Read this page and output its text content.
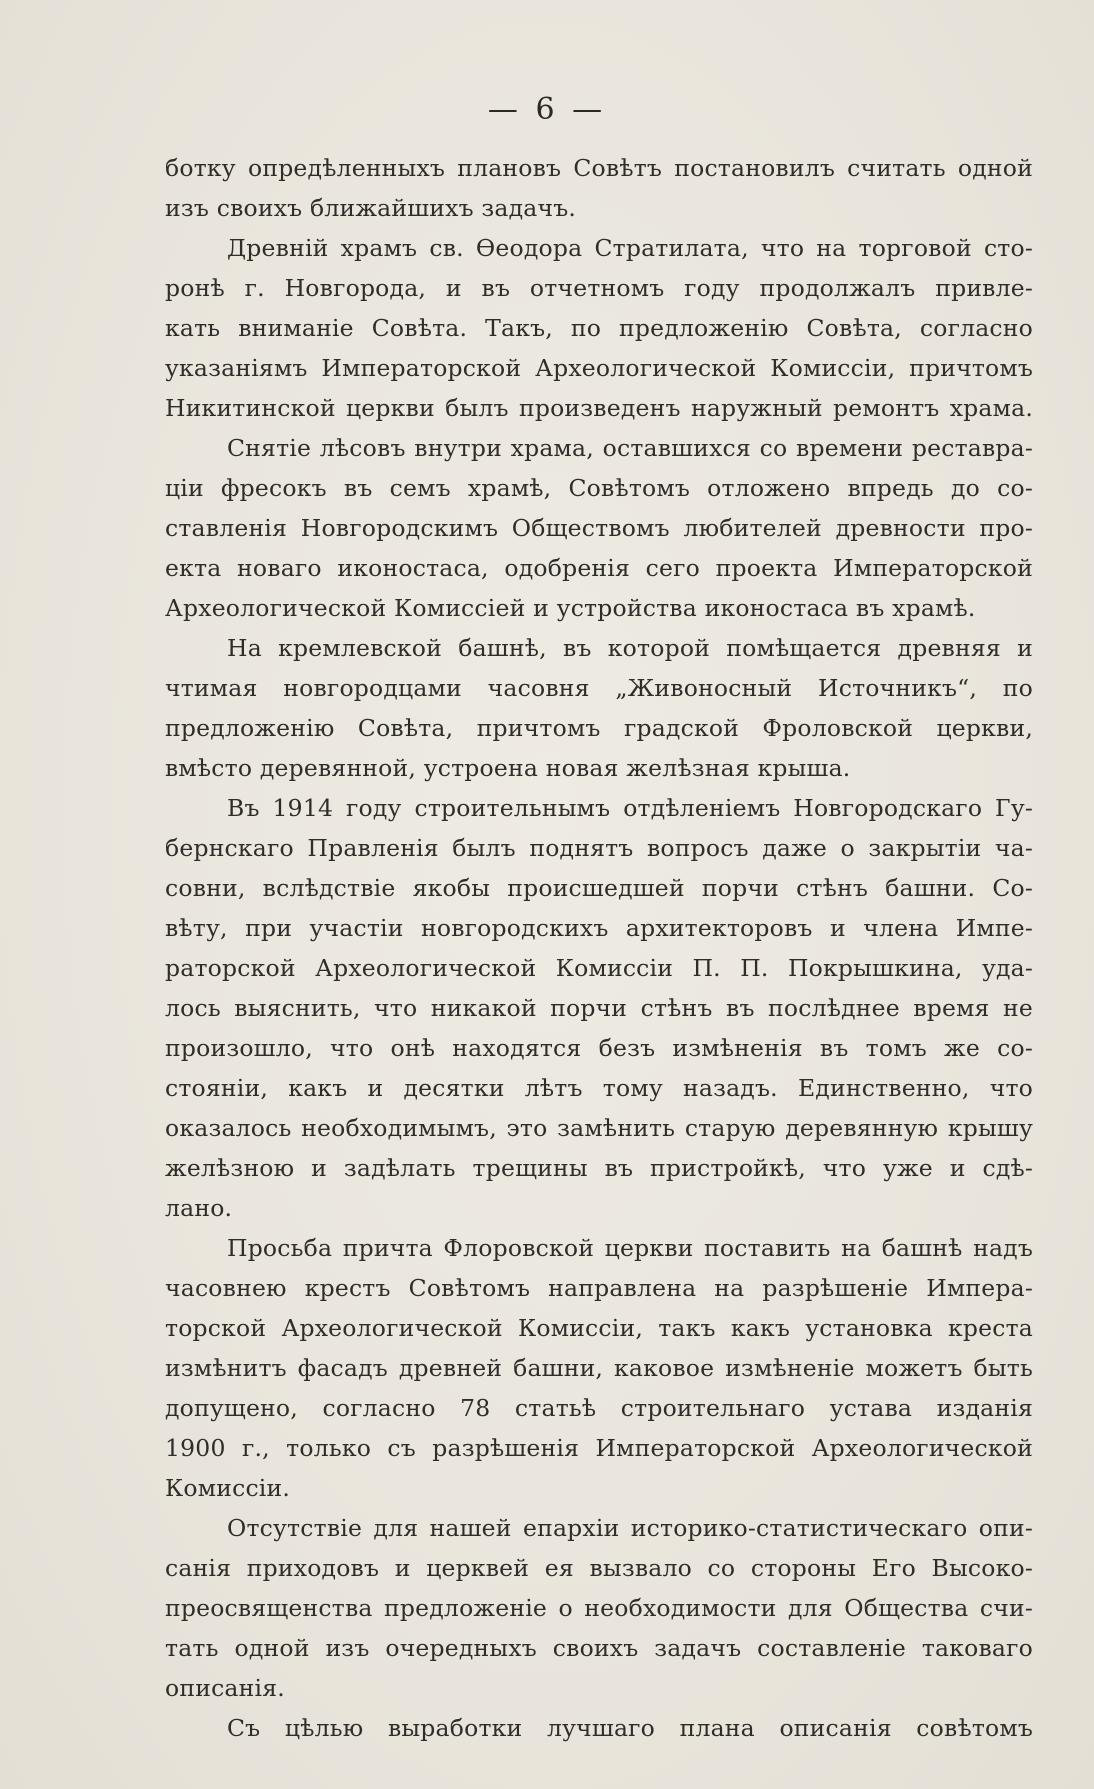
— 6 —
ботку опредѣленныхъ плановъ Совѣтъ постановилъ считать одной
изъ своихъ ближайшихъ задачъ.
Древній храмъ св. Ѳеодора Стратилата, что на торговой сто-
ронѣ г. Новгорода, и въ отчетномъ году продолжалъ привле-
кать вниманіе Совѣта. Такъ, по предложенію Совѣта, согласно
указаніямъ Императорской Археологической Комиссіи, причтомъ
Никитинской церкви былъ произведенъ наружный ремонтъ храма.
Снятіе лѣсовъ внутри храма, оставшихся со времени реставра-
ціи фресокъ въ семъ храмѣ, Совѣтомъ отложено впредь до со-
ставленія Новгородскимъ Обществомъ любителей древности про-
екта новаго иконостаса, одобренія сего проекта Императорской
Археологической Комиссіей и устройства иконостаса въ храмѣ.
На кремлевской башнѣ, въ которой помѣщается древняя и
чтимая новгородцами часовня „Живоносный Источникъ“, по
предложенію Совѣта, причтомъ градской Фроловской церкви,
вмѣсто деревянной, устроена новая желѣзная крыша.
Въ 1914 году строительнымъ отдѣленіемъ Новгородскаго Гу-
бернскаго Правленія былъ поднятъ вопросъ даже о закрытіи ча-
совни, вслѣдствіе якобы происшедшей порчи стѣнъ башни. Со-
вѣту, при участіи новгородскихъ архитекторовъ и члена Импе-
раторской Археологической Комиссіи П. П. Покрышкина, уда-
лось выяснить, что никакой порчи стѣнъ въ послѣднее время не
произошло, что онѣ находятся безъ измѣненія въ томъ же со-
стояніи, какъ и десятки лѣтъ тому назадъ. Единственно, что
оказалось необходимымъ, это замѣнить старую деревянную крышу
желѣзною и задѣлать трещины въ пристройкѣ, что уже и сдѣ-
лано.
Просьба причта Флоровской церкви поставить на башнѣ надъ
часовнею крестъ Совѣтомъ направлена на разрѣшеніе Импера-
торской Археологической Комиссіи, такъ какъ установка креста
измѣнитъ фасадъ древней башни, каковое измѣненіе можетъ быть
допущено, согласно 78 статьѣ строительнаго устава изданія
1900 г., только съ разрѣшенія Императорской Археологической
Комиссіи.
Отсутствіе для нашей епархіи историко-статистическаго опи-
санія приходовъ и церквей ея вызвало со стороны Его Высоко-
преосвященства предложеніе о необходимости для Общества счи-
тать одной изъ очередныхъ своихъ задачъ составленіе таковаго
описанія.
Съ цѣлью выработки лучшаго плана описанія совѣтомъ
